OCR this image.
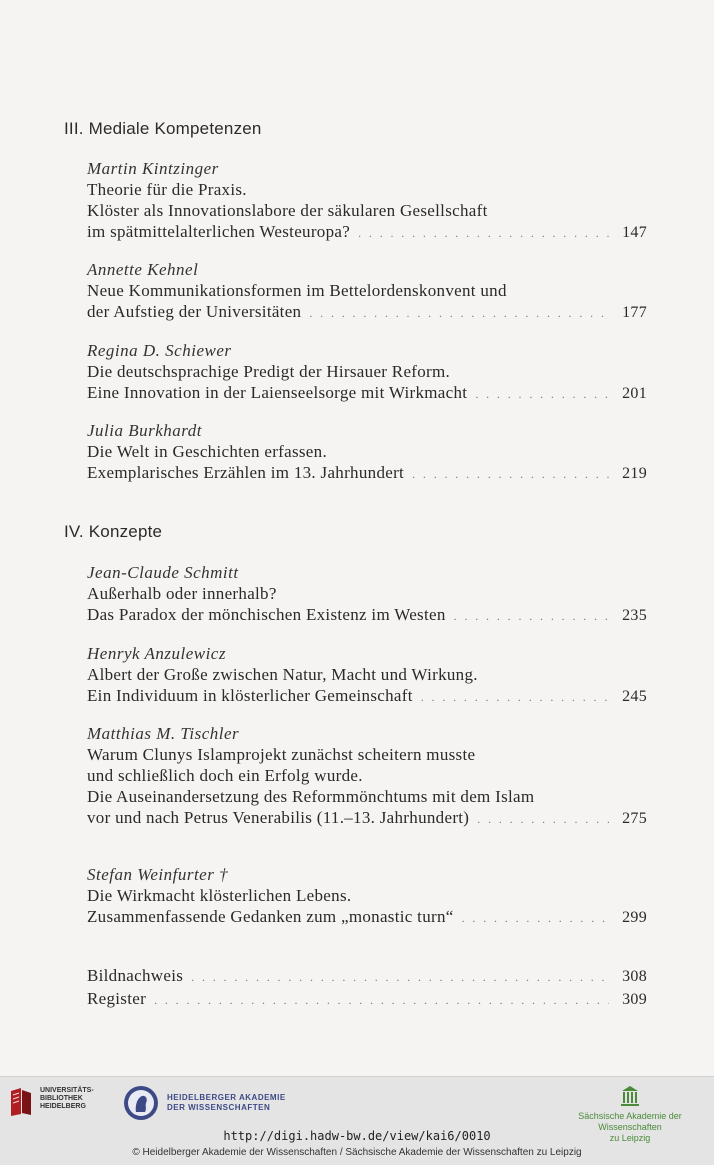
III. Mediale Kompetenzen
Martin Kintzinger
Theorie für die Praxis.
Klöster als Innovationslabore der säkularen Gesellschaft
im spätmittelalterlichen Westeuropa? . . .	147
Annette Kehnel
Neue Kommunikationsformen im Bettelordenskonvent und
der Aufstieg der Universitäten . . .	177
Regina D. Schiewer
Die deutschsprachige Predigt der Hirsauer Reform.
Eine Innovation in der Laienseelsorge mit Wirkmacht . . .	201
Julia Burkhardt
Die Welt in Geschichten erfassen.
Exemplarisches Erzählen im 13. Jahrhundert . . .	219
IV. Konzepte
Jean-Claude Schmitt
Außerhalb oder innerhalb?
Das Paradox der mönchischen Existenz im Westen . . .	235
Henryk Anzulewicz
Albert der Große zwischen Natur, Macht und Wirkung.
Ein Individuum in klösterlicher Gemeinschaft . . .	245
Matthias M. Tischler
Warum Clunys Islamprojekt zunächst scheitern musste
und schließlich doch ein Erfolg wurde.
Die Auseinandersetzung des Reformmönchtums mit dem Islam
vor und nach Petrus Venerabilis (11.–13. Jahrhundert) . . .	275
Stefan Weinfurter †
Die Wirkmacht klösterlichen Lebens.
Zusammenfassende Gedanken zum „monastic turn“ . . .	299
Bildnachweis . . .	308
Register . . .	309
UNIVERSITÄTS-
BIBLIOTHEK
HEIDELBERG
HEIDELBERGER AKADEMIE
DER WISSENSCHAFTEN
Sächsische Akademie der Wissenschaften
zu Leipzig
http://digi.hadw-bw.de/view/kai6/0010
© Heidelberger Akademie der Wissenschaften / Sächsische Akademie der Wissenschaften zu Leipzig
